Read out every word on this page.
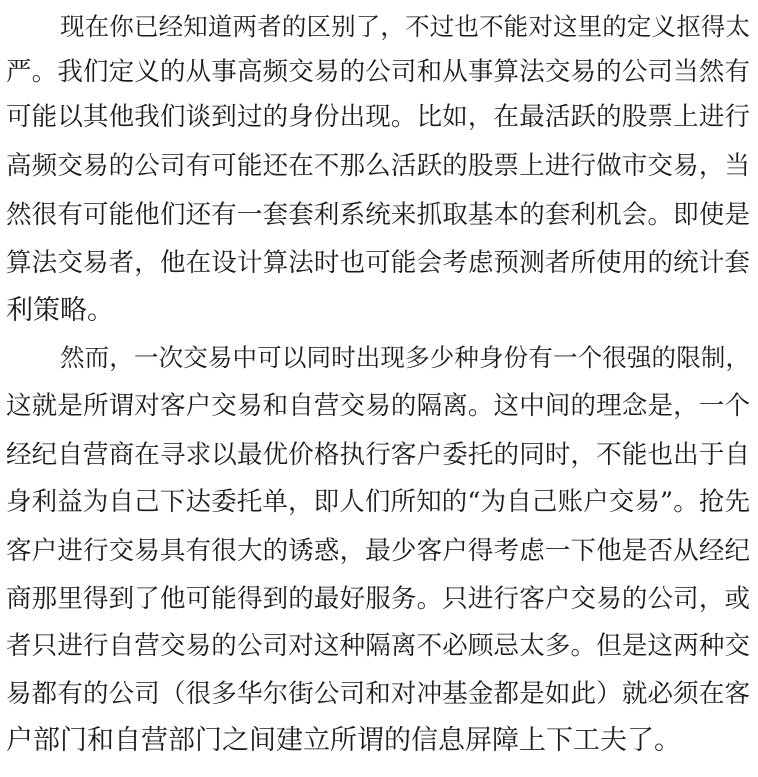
现在你已经知道两者的区别了，不过也不能对这里的定义抠得太
严。我们定义的从事高频交易的公司和从事算法交易的公司当然有
可能以其他我们谈到过的身份出现。比如，在最活跃的股票上进行
高频交易的公司有可能还在不那么活跃的股票上进行做市交易，当
然很有可能他们还有一套套利系统来抓取基本的套利机会。即使是
算法交易者，他在设计算法时也可能会考虑预测者所使用的统计套
利策略。
然而，一次交易中可以同时出现多少种身份有一个很强的限制，
这就是所谓对客户交易和自营交易的隔离。这中间的理念是，一个
经纪自营商在寻求以最优价格执行客户委托的同时，不能也出于自
身利益为自己下达委托单，即人们所知的“为自己账户交易”。抢先
客户进行交易具有很大的诱惑，最少客户得考虑一下他是否从经纪
商那里得到了他可能得到的最好服务。只进行客户交易的公司，或
者只进行自营交易的公司对这种隔离不必顾忌太多。但是这两种交
易都有的公司（很多华尔街公司和对冲基金都是如此）就必须在客
户部门和自营部门之间建立所谓的信息屏障上下工夫了。
